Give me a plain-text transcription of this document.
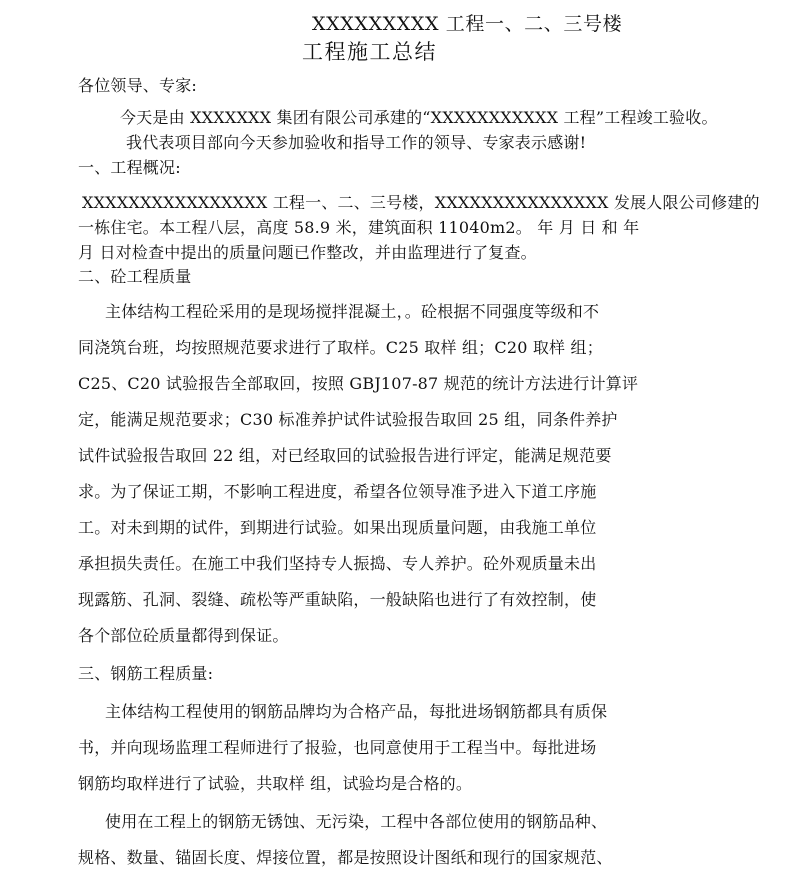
XXXXXXXXX 工程一、二、三号楼
工程施工总结
各位领导、专家:
今天是由 XXXXXXX 集团有限公司承建的“XXXXXXXXXXX 工程”工程竣工验收。
我代表项目部向今天参加验收和指导工作的领导、专家表示感谢!
一、工程概况:
XXXXXXXXXXXXXXXX 工程一、二、三号楼，XXXXXXXXXXXXXXX 发展人限公司修建的
一栋住宅。本工程八层，高度 58.9 米，建筑面积 11040m2。 年 月 日 和 年
月 日对检查中提出的质量问题已作整改，并由监理进行了复查。
二、砼工程质量
主体结构工程砼采用的是现场搅拌混凝土，。砼根据不同强度等级和不
同浇筑台班，均按照规范要求进行了取样。C25 取样 组；C20 取样 组；
C25、C20 试验报告全部取回，按照 GBJ107-87 规范的统计方法进行计算评
定，能满足规范要求；C30 标准养护试件试验报告取回 25 组，同条件养护
试件试验报告取回 22 组，对已经取回的试验报告进行评定，能满足规范要
求。为了保证工期，不影响工程进度，希望各位领导准予进入下道工序施
工。对未到期的试件，到期进行试验。如果出现质量问题，由我施工单位
承担损失责任。在施工中我们坚持专人振捣、专人养护。砼外观质量未出
现露筋、孔洞、裂缝、疏松等严重缺陷，一般缺陷也进行了有效控制，使
各个部位砼质量都得到保证。
三、钢筋工程质量:
主体结构工程使用的钢筋品牌均为合格产品，每批进场钢筋都具有质保
书，并向现场监理工程师进行了报验，也同意使用于工程当中。每批进场
钢筋均取样进行了试验，共取样 组，试验均是合格的。
使用在工程上的钢筋无锈蚀、无污染，工程中各部位使用的钢筋品种、
规格、数量、锚固长度、焊接位置，都是按照设计图纸和现行的国家规范、
